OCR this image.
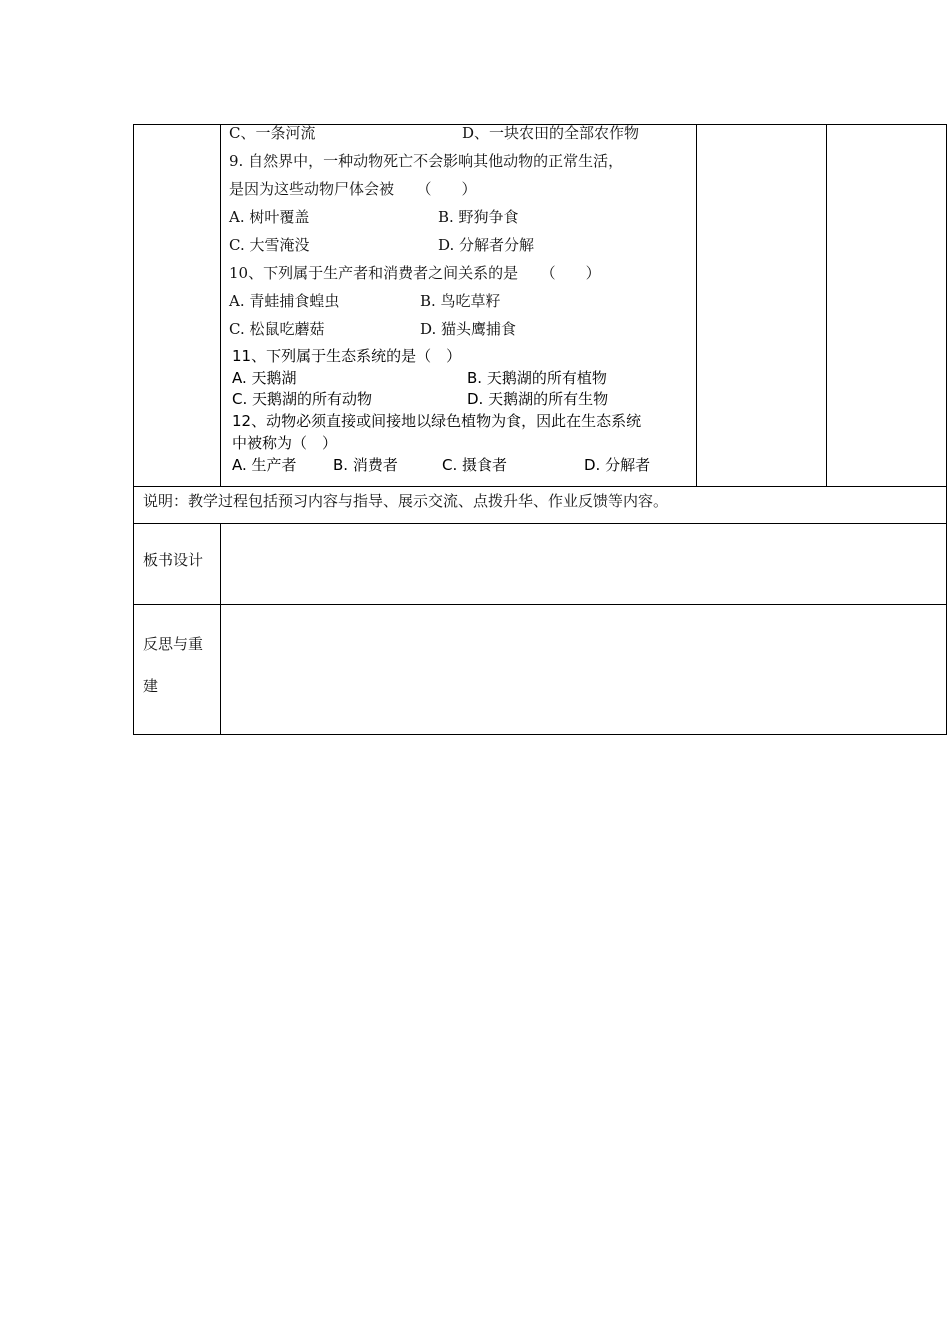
C、一条河流	D、一块农田的全部农作物
9. 自然界中，一种动物死亡不会影响其他动物的正常生活，
是因为这些动物尸体会被　　（　　）
A. 树叶覆盖	B. 野狗争食
C. 大雪淹没	D. 分解者分解
10、下列属于生产者和消费者之间关系的是　　（　　）
A. 青蛙捕食蝗虫	B. 鸟吃草籽
C. 松鼠吃蘑菇	D. 猫头鹰捕食
11、下列属于生态系统的是（　）
A. 天鹅湖	B. 天鹅湖的所有植物
C. 天鹅湖的所有动物	D. 天鹅湖的所有生物
12、动物必须直接或间接地以绿色植物为食，因此在生态系统
中被称为（　）
A. 生产者 B. 消费者	C. 摄食者	D. 分解者
说明：教学过程包括预习内容与指导、展示交流、点拨升华、作业反馈等内容。
板书设计
反思与重
建
